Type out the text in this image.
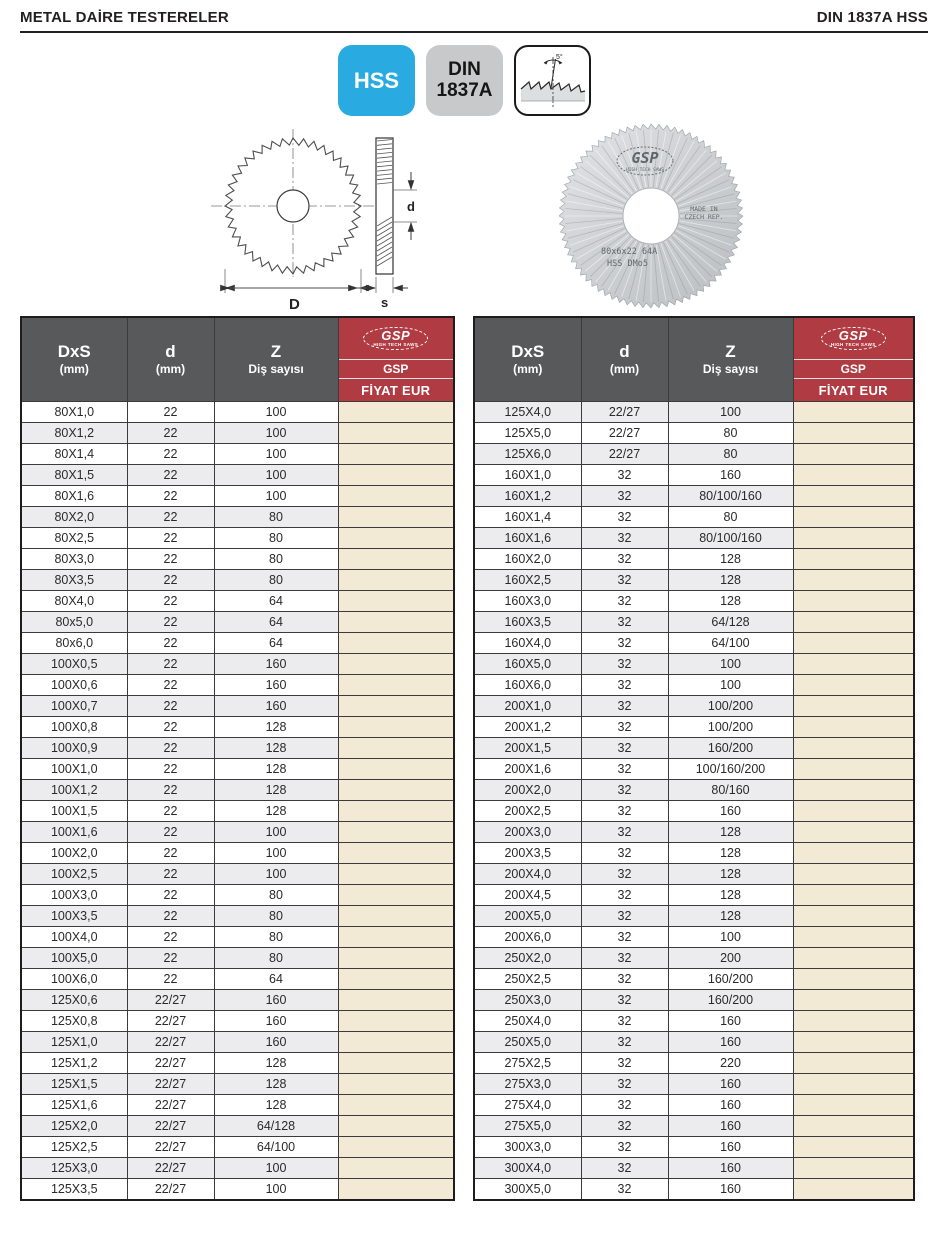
METAL DAİRE TESTERELER	DIN 1837A HSS
HSS	DIN
1837A
5°
D
d
s
GSP
HIGH TECH SAWS
MADE IN
CZECH REP.
80x6x22 64A
HSS DMo5
DxS
(mm)

d
(mm)

Z
Diş sayısı

GSP
HIGH TECH SAWS
GSP
FİYAT EUR

80X1,0	22	100	
80X1,2	22	100	
80X1,4	22	100	
80X1,5	22	100	
80X1,6	22	100	
80X2,0	22	80	
80X2,5	22	80	
80X3,0	22	80	
80X3,5	22	80	
80X4,0	22	64	
80x5,0	22	64	
80x6,0	22	64	
100X0,5	22	160	
100X0,6	22	160	
100X0,7	22	160	
100X0,8	22	128	
100X0,9	22	128	
100X1,0	22	128	
100X1,2	22	128	
100X1,5	22	128	
100X1,6	22	100	
100X2,0	22	100	
100X2,5	22	100	
100X3,0	22	80	
100X3,5	22	80	
100X4,0	22	80	
100X5,0	22	80	
100X6,0	22	64	
125X0,6	22/27	160	
125X0,8	22/27	160	
125X1,0	22/27	160	
125X1,2	22/27	128	
125X1,5	22/27	128	
125X1,6	22/27	128	
125X2,0	22/27	64/128	
125X2,5	22/27	64/100	
125X3,0	22/27	100	
125X3,5	22/27	100	
DxS
(mm)

d
(mm)

Z
Diş sayısı

GSP
HIGH TECH SAWS
GSP
FİYAT EUR

125X4,0	22/27	100	
125X5,0	22/27	80	
125X6,0	22/27	80	
160X1,0	32	160	
160X1,2	32	80/100/160	
160X1,4	32	80	
160X1,6	32	80/100/160	
160X2,0	32	128	
160X2,5	32	128	
160X3,0	32	128	
160X3,5	32	64/128	
160X4,0	32	64/100	
160X5,0	32	100	
160X6,0	32	100	
200X1,0	32	100/200	
200X1,2	32	100/200	
200X1,5	32	160/200	
200X1,6	32	100/160/200	
200X2,0	32	80/160	
200X2,5	32	160	
200X3,0	32	128	
200X3,5	32	128	
200X4,0	32	128	
200X4,5	32	128	
200X5,0	32	128	
200X6,0	32	100	
250X2,0	32	200	
250X2,5	32	160/200	
250X3,0	32	160/200	
250X4,0	32	160	
250X5,0	32	160	
275X2,5	32	220	
275X3,0	32	160	
275X4,0	32	160	
275X5,0	32	160	
300X3,0	32	160	
300X4,0	32	160	
300X5,0	32	160	
